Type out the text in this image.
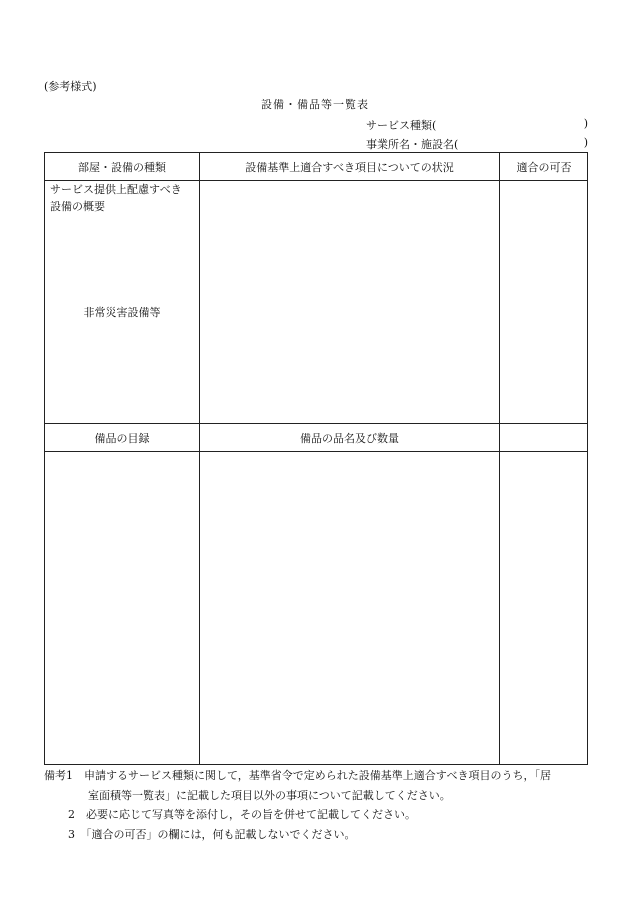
(参考様式)
設備・備品等一覧表
サービス種類(	)
事業所名・施設名(	)
部屋・設備の種類	設備基準上適合すべき項目についての状況	適合の可否
サービス提供上配慮すべき
設備の概要
非常災害設備等
備品の目録	備品の品名及び数量
備考1　申請するサービス種類に関して，基準省令で定められた設備基準上適合すべき項目のうち，「居
室面積等一覧表」に記載した項目以外の事項について記載してください。
2　必要に応じて写真等を添付し，その旨を併せて記載してください。
3　「適合の可否」の欄には，何も記載しないでください。
